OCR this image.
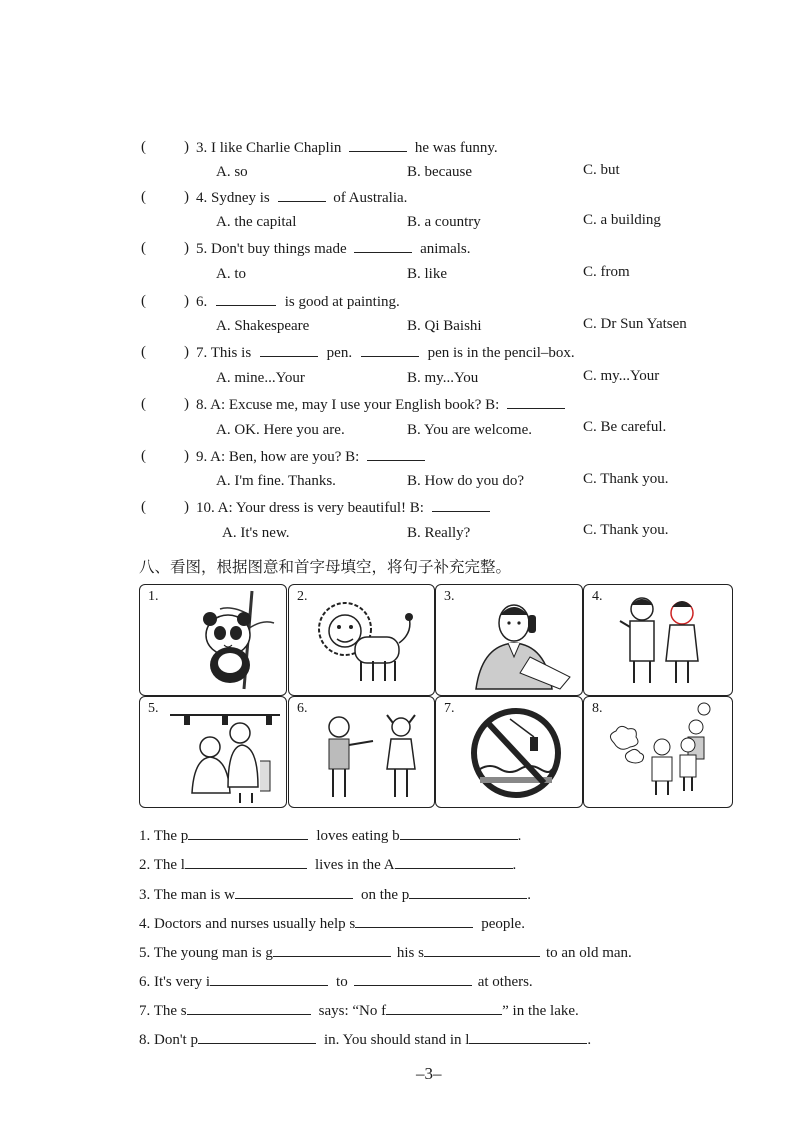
(	) 3. I like Charlie Chaplin	he was funny.
A. so	B. because	C. but
(	) 4. Sydney is	of Australia.
A. the capital	B. a country	C. a building
(	) 5. Don't buy things made	animals.
A. to	B. like	C. from
(	) 6.	is good at painting.
A. Shakespeare	B. Qi Baishi	C. Dr Sun Yatsen
(	) 7. This is	pen.	pen is in the pencil–box.
A. mine...Your	B. my...You	C. my...Your
(	) 8. A: Excuse me, may I use your English book? B:
A. OK. Here you are.	B. You are welcome.	C. Be careful.
(	) 9. A: Ben, how are you? B:
A. I'm fine. Thanks.	B. How do you do?	C. Thank you.
(	) 10. A: Your dress is very beautiful! B:
A. It's new.	B. Really?	C. Thank you.
八、看图，根据图意和首字母填空，将句子补充完整。
1.	2.	3.	4.
5.	6.	7.	8.
1. The p	loves eating b	.
2. The l	lives in the A	.
3. The man is w	on the p	.
4. Doctors and nurses usually help s	people.
5. The young man is g	his s	to an old man.
6. It's very i	to	at others.
7. The s	says: “No f	” in the lake.
8. Don't p	in. You should stand in l	.
–3–
